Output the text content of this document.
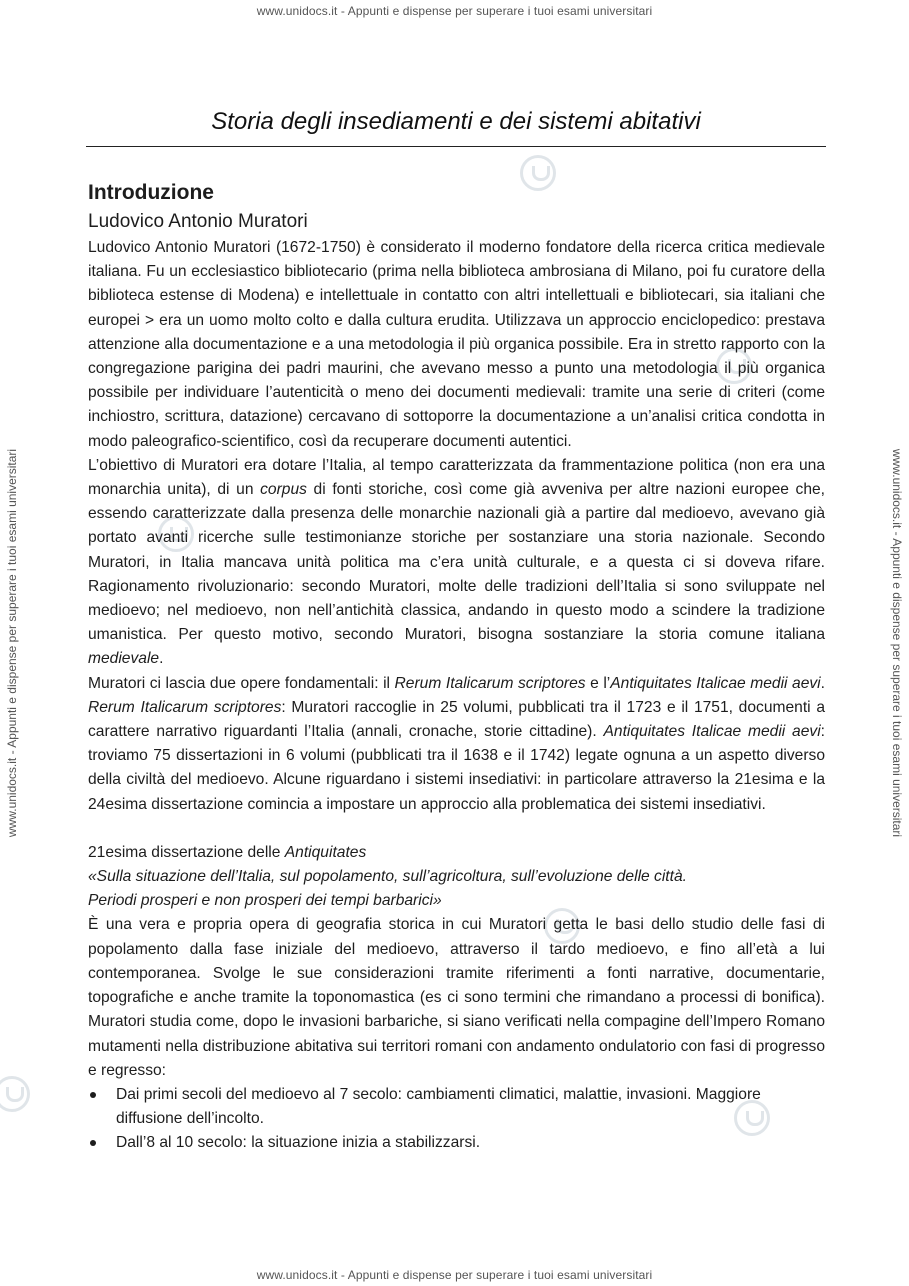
www.unidocs.it - Appunti e dispense per superare i tuoi esami universitari
www.unidocs.it - Appunti e dispense per superare i tuoi esami universitari	www.unidocs.it - Appunti e dispense per superare i tuoi esami universitari
Storia degli insediamenti e dei sistemi abitativi
Introduzione
Ludovico Antonio Muratori

Ludovico Antonio Muratori (1672-1750) è considerato il moderno fondatore della ricerca critica medievale italiana. Fu un ecclesiastico bibliotecario (prima nella biblioteca ambrosiana di Milano, poi fu curatore della biblioteca estense di Modena) e intellettuale in contatto con altri intellettuali e bibliotecari, sia italiani che europei > era un uomo molto colto e dalla cultura erudita. Utilizzava un approccio enciclopedico: prestava attenzione alla documentazione e a una metodologia il più organica possibile. Era in stretto rapporto con la congregazione parigina dei padri maurini, che avevano messo a punto una metodologia il più organica possibile per individuare l’autenticità o meno dei documenti medievali: tramite una serie di criteri (come inchiostro, scrittura, datazione) cercavano di sottoporre la documentazione a un’analisi critica condotta in modo paleografico-scientifico, così da recuperare documenti autentici.

L’obiettivo di Muratori era dotare l’Italia, al tempo caratterizzata da frammentazione politica (non era una monarchia unita), di un corpus di fonti storiche, così come già avveniva per altre nazioni europee che, essendo caratterizzate dalla presenza delle monarchie nazionali già a partire dal medioevo, avevano già portato avanti ricerche sulle testimonianze storiche per sostanziare una storia nazionale. Secondo Muratori, in Italia mancava unità politica ma c’era unità culturale, e a questa ci si doveva rifare. Ragionamento rivoluzionario: secondo Muratori, molte delle tradizioni dell’Italia si sono sviluppate nel medioevo; nel medioevo, non nell’antichità classica, andando in questo modo a scindere la tradizione umanistica. Per questo motivo, secondo Muratori, bisogna sostanziare la storia comune italiana medievale.

Muratori ci lascia due opere fondamentali: il Rerum Italicarum scriptores e l’Antiquitates Italicae medii aevi. Rerum Italicarum scriptores: Muratori raccoglie in 25 volumi, pubblicati tra il 1723 e il 1751, documenti a carattere narrativo riguardanti l’Italia (annali, cronache, storie cittadine). Antiquitates Italicae medii aevi: troviamo 75 dissertazioni in 6 volumi (pubblicati tra il 1638 e il 1742) legate ognuna a un aspetto diverso della civiltà del medioevo. Alcune riguardano i sistemi insediativi: in particolare attraverso la 21esima e la 24esima dissertazione comincia a impostare un approccio alla problematica dei sistemi insediativi.

21esima dissertazione delle Antiquitates

«Sulla situazione dell’Italia, sul popolamento, sull’agricoltura, sull’evoluzione delle città.

Periodi prosperi e non prosperi dei tempi barbarici»

È una vera e propria opera di geografia storica in cui Muratori getta le basi dello studio delle fasi di popolamento dalla fase iniziale del medioevo, attraverso il tardo medioevo, e fino all’età a lui contemporanea. Svolge le sue considerazioni tramite riferimenti a fonti narrative, documentarie, topografiche e anche tramite la toponomastica (es ci sono termini che rimandano a processi di bonifica). Muratori studia come, dopo le invasioni barbariche, si siano verificati nella compagine dell’Impero Romano mutamenti nella distribuzione abitativa sui territori romani con andamento ondulatorio con fasi di progresso e regresso:

Dai primi secoli del medioevo al 7 secolo: cambiamenti climatici, malattie, invasioni. Maggiore diffusione dell’incolto.
Dall’8 al 10 secolo: la situazione inizia a stabilizzarsi.
www.unidocs.it - Appunti e dispense per superare i tuoi esami universitari
